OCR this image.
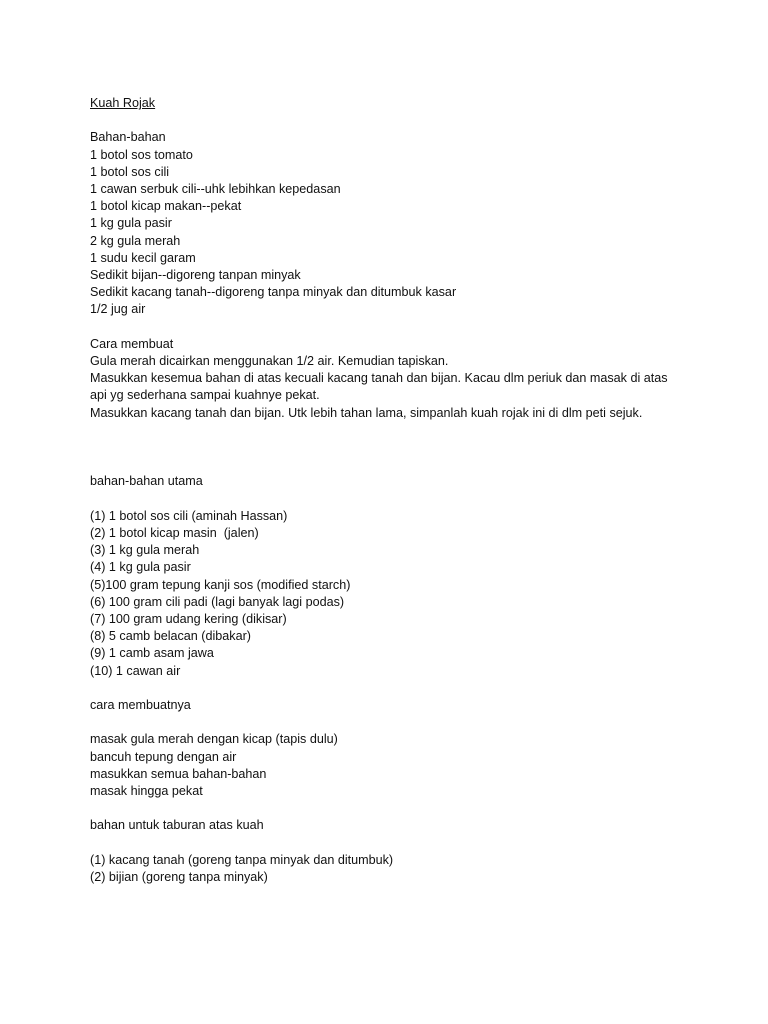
Kuah Rojak
Bahan-bahan
1 botol sos tomato
1 botol sos cili
1 cawan serbuk cili--uhk lebihkan kepedasan
1 botol kicap makan--pekat
1 kg gula pasir
2 kg gula merah
1 sudu kecil garam
Sedikit bijan--digoreng tanpan minyak
Sedikit kacang tanah--digoreng tanpa minyak dan ditumbuk kasar
1/2 jug air
Cara membuat
Gula merah dicairkan menggunakan 1/2 air. Kemudian tapiskan.
Masukkan kesemua bahan di atas kecuali kacang tanah dan bijan. Kacau dlm periuk dan masak di atas
api yg sederhana sampai kuahnye pekat.
Masukkan kacang tanah dan bijan. Utk lebih tahan lama, simpanlah kuah rojak ini di dlm peti sejuk.
bahan-bahan utama
(1) 1 botol sos cili (aminah Hassan)
(2) 1 botol kicap masin  (jalen)
(3) 1 kg gula merah
(4) 1 kg gula pasir
(5)100 gram tepung kanji sos (modified starch)
(6) 100 gram cili padi (lagi banyak lagi podas)
(7) 100 gram udang kering (dikisar)
(8) 5 camb belacan (dibakar)
(9) 1 camb asam jawa
(10) 1 cawan air
cara membuatnya
masak gula merah dengan kicap (tapis dulu)
bancuh tepung dengan air
masukkan semua bahan-bahan
masak hingga pekat
bahan untuk taburan atas kuah
(1) kacang tanah (goreng tanpa minyak dan ditumbuk)
(2) bijian (goreng tanpa minyak)
